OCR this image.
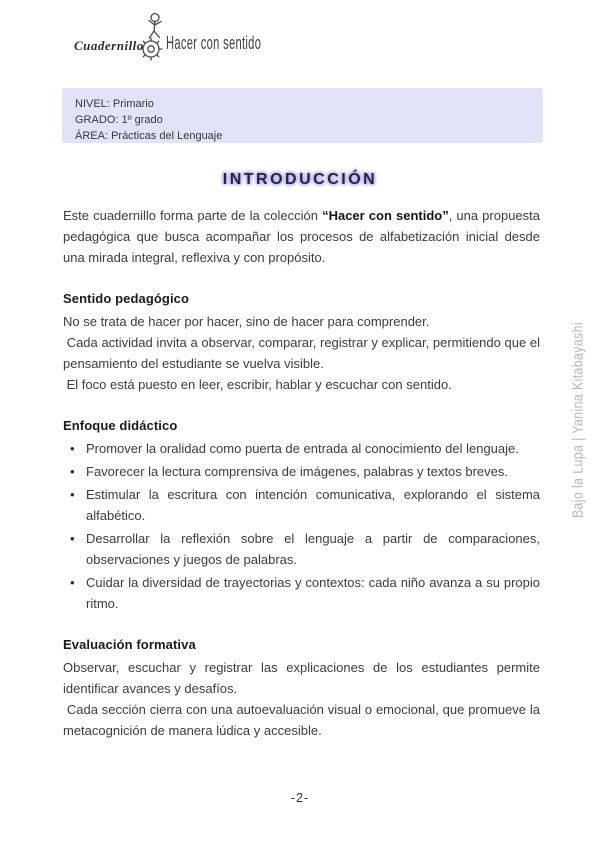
Cuadernillo Hacer con sentido
NIVEL: Primario
GRADO: 1º grado
ÁREA: Prácticas del Lenguaje
INTRODUCCIÓN

Este cuadernillo forma parte de la colección “Hacer con sentido”, una propuesta pedagógica que busca acompañar los procesos de alfabetización inicial desde una mirada integral, reflexiva y con propósito.

Sentido pedagógico

No se trata de hacer por hacer, sino de hacer para comprender.

Cada actividad invita a observar, comparar, registrar y explicar, permitiendo que el pensamiento del estudiante se vuelva visible.

El foco está puesto en leer, escribir, hablar y escuchar con sentido.

Enfoque didáctico
• Promover la oralidad como puerta de entrada al conocimiento del lenguaje.
• Favorecer la lectura comprensiva de imágenes, palabras y textos breves.
• Estimular la escritura con intención comunicativa, explorando el sistema alfabético.
• Desarrollar la reflexión sobre el lenguaje a partir de comparaciones, observaciones y juegos de palabras.
• Cuidar la diversidad de trayectorias y contextos: cada niño avanza a su propio ritmo.
Evaluación formativa

Observar, escuchar y registrar las explicaciones de los estudiantes permite identificar avances y desafíos.

Cada sección cierra con una autoevaluación visual o emocional, que promueve la metacognición de manera lúdica y accesible.

Bajo la Lupa | Yanina Kitabayashi
-2-
